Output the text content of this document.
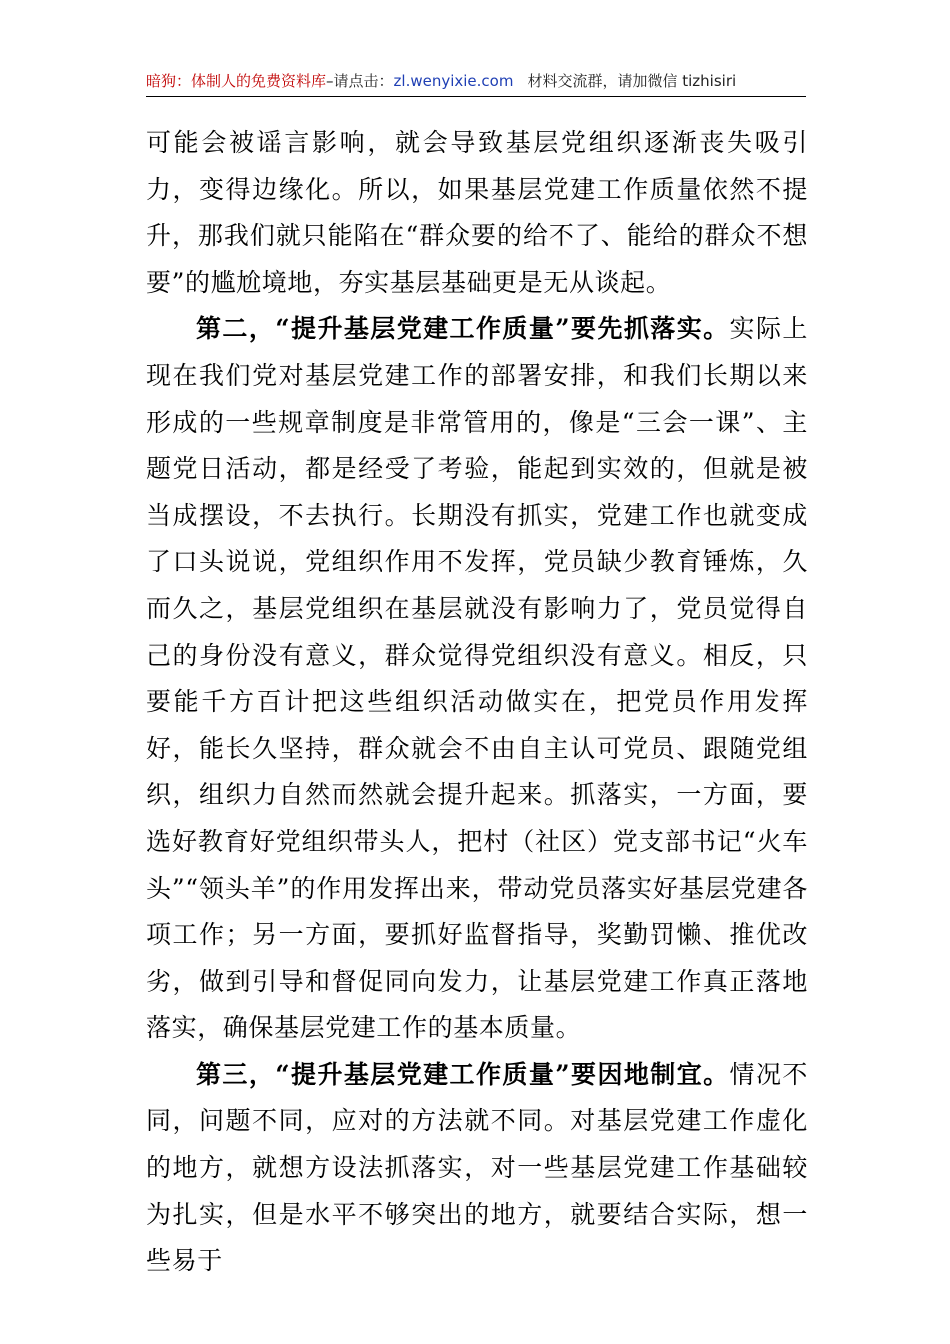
暗狗：体制人的免费资料库–请点击：zl.wenyixie.com 材料交流群，请加微信 tizhisiri

可能会被谣言影响，就会导致基层党组织逐渐丧失吸引力，变得边缘化。所以，如果基层党建工作质量依然不提升，那我们就只能陷在“群众要的给不了、能给的群众不想要”的尴尬境地，夯实基层基础更是无从谈起。

第二，“提升基层党建工作质量”要先抓落实。实际上现在我们党对基层党建工作的部署安排，和我们长期以来形成的一些规章制度是非常管用的，像是“三会一课”、主题党日活动，都是经受了考验，能起到实效的，但就是被当成摆设，不去执行。长期没有抓实，党建工作也就变成了口头说说，党组织作用不发挥，党员缺少教育锤炼，久而久之，基层党组织在基层就没有影响力了，党员觉得自己的身份没有意义，群众觉得党组织没有意义。相反，只要能千方百计把这些组织活动做实在，把党员作用发挥好，能长久坚持，群众就会不由自主认可党员、跟随党组织，组织力自然而然就会提升起来。抓落实，一方面，要选好教育好党组织带头人，把村（社区）党支部书记“火车头”“领头羊”的作用发挥出来，带动党员落实好基层党建各项工作；另一方面，要抓好监督指导，奖勤罚懒、推优改劣，做到引导和督促同向发力，让基层党建工作真正落地落实，确保基层党建工作的基本质量。

第三，“提升基层党建工作质量”要因地制宜。情况不同，问题不同，应对的方法就不同。对基层党建工作虚化的地方，就想方设法抓落实，对一些基层党建工作基础较为扎实，但是水平不够突出的地方，就要结合实际，想一些易于
